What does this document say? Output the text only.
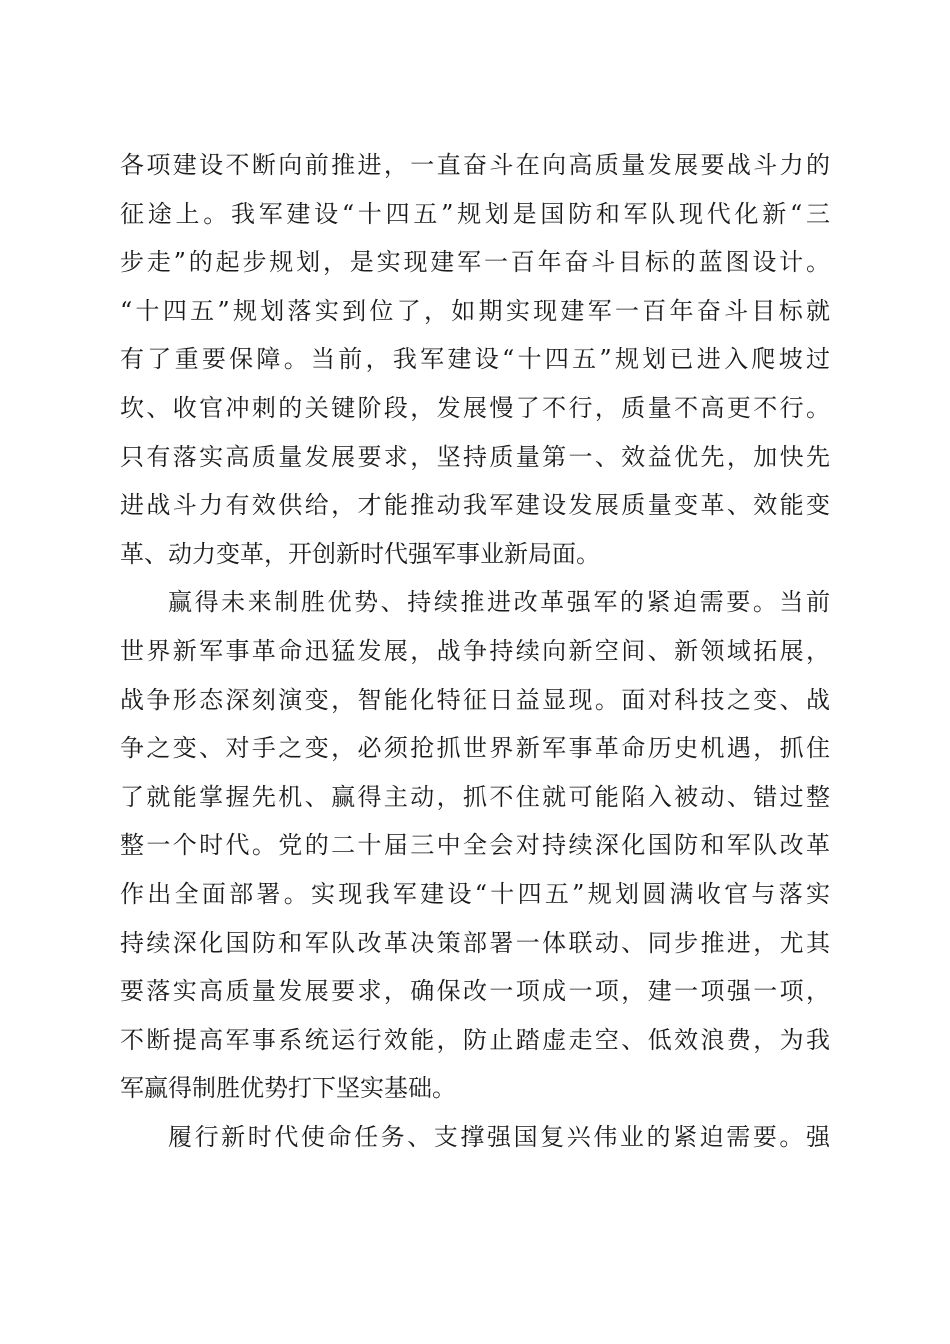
各项建设不断向前推进，一直奋斗在向高质量发展要战斗力的
征途上。我军建设“十四五”规划是国防和军队现代化新“三
步走”的起步规划，是实现建军一百年奋斗目标的蓝图设计。
“十四五”规划落实到位了，如期实现建军一百年奋斗目标就
有了重要保障。当前，我军建设“十四五”规划已进入爬坡过
坎、收官冲刺的关键阶段，发展慢了不行，质量不高更不行。
只有落实高质量发展要求，坚持质量第一、效益优先，加快先
进战斗力有效供给，才能推动我军建设发展质量变革、效能变
革、动力变革，开创新时代强军事业新局面。
赢得未来制胜优势、持续推进改革强军的紧迫需要。当前
世界新军事革命迅猛发展，战争持续向新空间、新领域拓展，
战争形态深刻演变，智能化特征日益显现。面对科技之变、战
争之变、对手之变，必须抢抓世界新军事革命历史机遇，抓住
了就能掌握先机、赢得主动，抓不住就可能陷入被动、错过整
整一个时代。党的二十届三中全会对持续深化国防和军队改革
作出全面部署。实现我军建设“十四五”规划圆满收官与落实
持续深化国防和军队改革决策部署一体联动、同步推进，尤其
要落实高质量发展要求，确保改一项成一项，建一项强一项，
不断提高军事系统运行效能，防止踏虚走空、低效浪费，为我
军赢得制胜优势打下坚实基础。
履行新时代使命任务、支撑强国复兴伟业的紧迫需要。强
